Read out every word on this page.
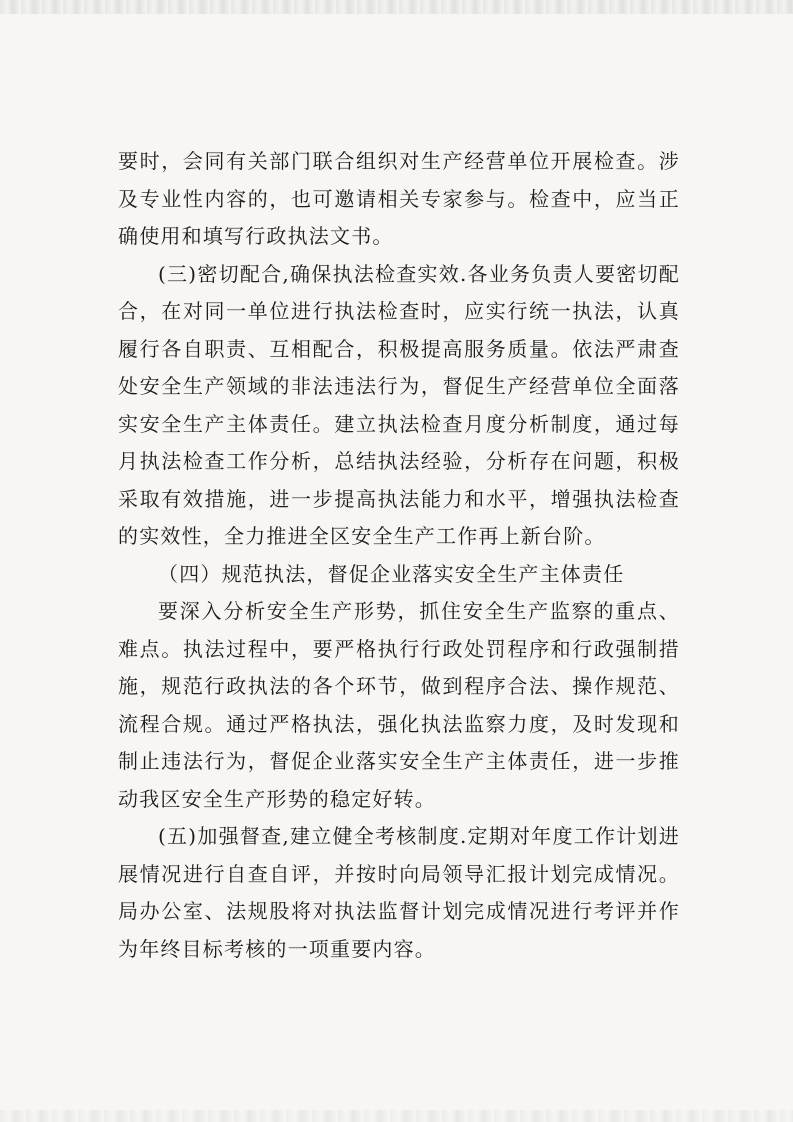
要时，会同有关部门联合组织对生产经营单位开展检查。涉及专业性内容的，也可邀请相关专家参与。检查中，应当正确使用和填写行政执法文书。

(三)密切配合,确保执法检查实效.各业务负责人要密切配合，在对同一单位进行执法检查时，应实行统一执法，认真履行各自职责、互相配合，积极提高服务质量。依法严肃查处安全生产领域的非法违法行为，督促生产经营单位全面落实安全生产主体责任。建立执法检查月度分析制度，通过每月执法检查工作分析，总结执法经验，分析存在问题，积极采取有效措施，进一步提高执法能力和水平，增强执法检查的实效性，全力推进全区安全生产工作再上新台阶。

（四）规范执法，督促企业落实安全生产主体责任

要深入分析安全生产形势，抓住安全生产监察的重点、难点。执法过程中，要严格执行行政处罚程序和行政强制措施，规范行政执法的各个环节，做到程序合法、操作规范、流程合规。通过严格执法，强化执法监察力度，及时发现和制止违法行为，督促企业落实安全生产主体责任，进一步推动我区安全生产形势的稳定好转。

(五)加强督查,建立健全考核制度.定期对年度工作计划进展情况进行自查自评，并按时向局领导汇报计划完成情况。局办公室、法规股将对执法监督计划完成情况进行考评并作为年终目标考核的一项重要内容。
